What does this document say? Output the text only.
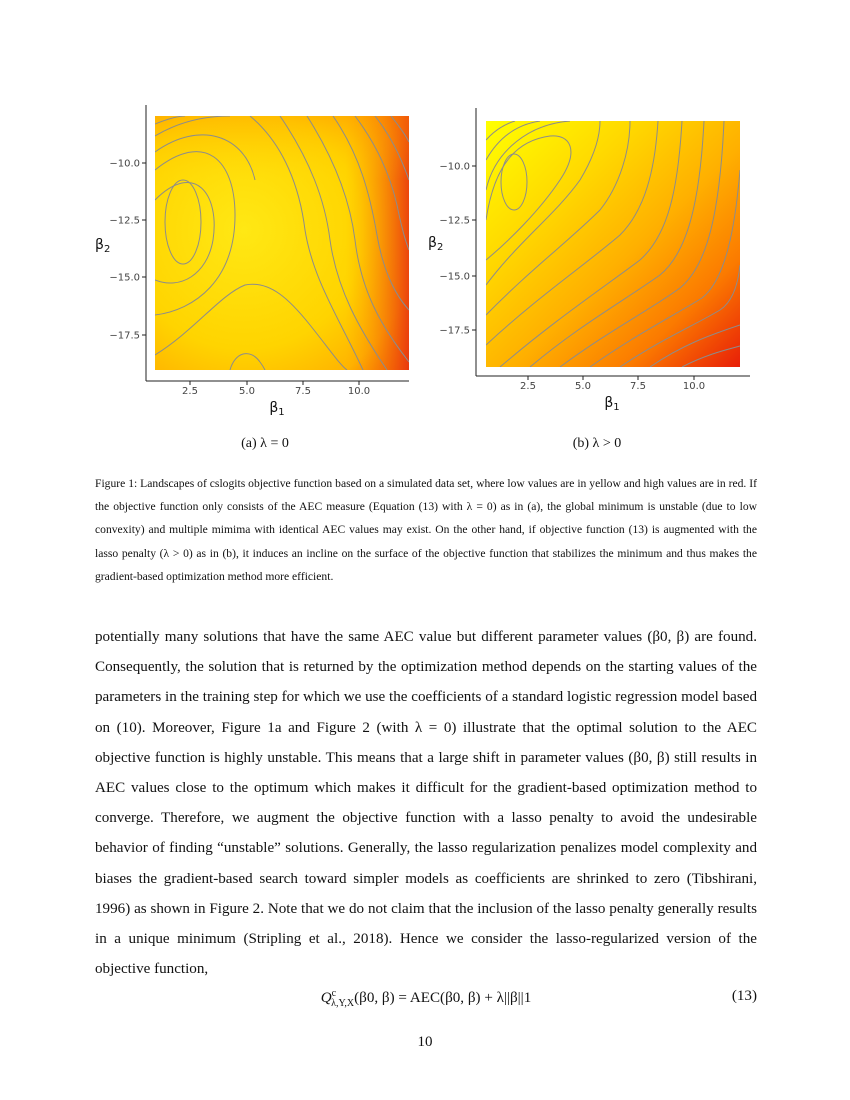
−10.0
−12.5
−15.0
−17.5
2.5	5.0	7.5	10.0
$\beta_1$
$\beta_2$
−10.0
−12.5
−15.0
−17.5
2.5	5.0	7.5	10.0
$\beta_1$
$\beta_2$
(a) λ = 0	(b) λ > 0

Figure 1: Landscapes of cslogits objective function based on a simulated data set, where low values are in yellow and high values are in red. If the objective function only consists of the AEC measure (Equation (13) with λ = 0) as in (a), the global minimum is unstable (due to low convexity) and multiple mimima with identical AEC values may exist. On the other hand, if objective function (13) is augmented with the lasso penalty (λ > 0) as in (b), it induces an incline on the surface of the objective function that stabilizes the minimum and thus makes the gradient-based optimization method more efficient.

potentially many solutions that have the same AEC value but different parameter values (β0, β) are found. Consequently, the solution that is returned by the optimization method depends on the starting values of the parameters in the training step for which we use the coefficients of a standard logistic regression model based on (10). Moreover, Figure 1a and Figure 2 (with λ = 0) illustrate that the optimal solution to the AEC objective function is highly unstable. This means that a large shift in parameter values (β0, β) still results in AEC values close to the optimum which makes it difficult for the gradient-based optimization method to converge. Therefore, we augment the objective function with a lasso penalty to avoid the undesirable behavior of finding “unstable” solutions. Generally, the lasso regularization penalizes model complexity and biases the gradient-based search toward simpler models as coefficients are shrinked to zero (Tibshirani, 1996) as shown in Figure 2. Note that we do not claim that the inclusion of the lasso penalty generally results in a unique minimum (Stripling et al., 2018). Hence we consider the lasso-regularized version of the objective function,

$Q^c_{\lambda,Y,X}(\beta 0$, β) = AEC(β0, β) + λ||β||1	(13)
10
